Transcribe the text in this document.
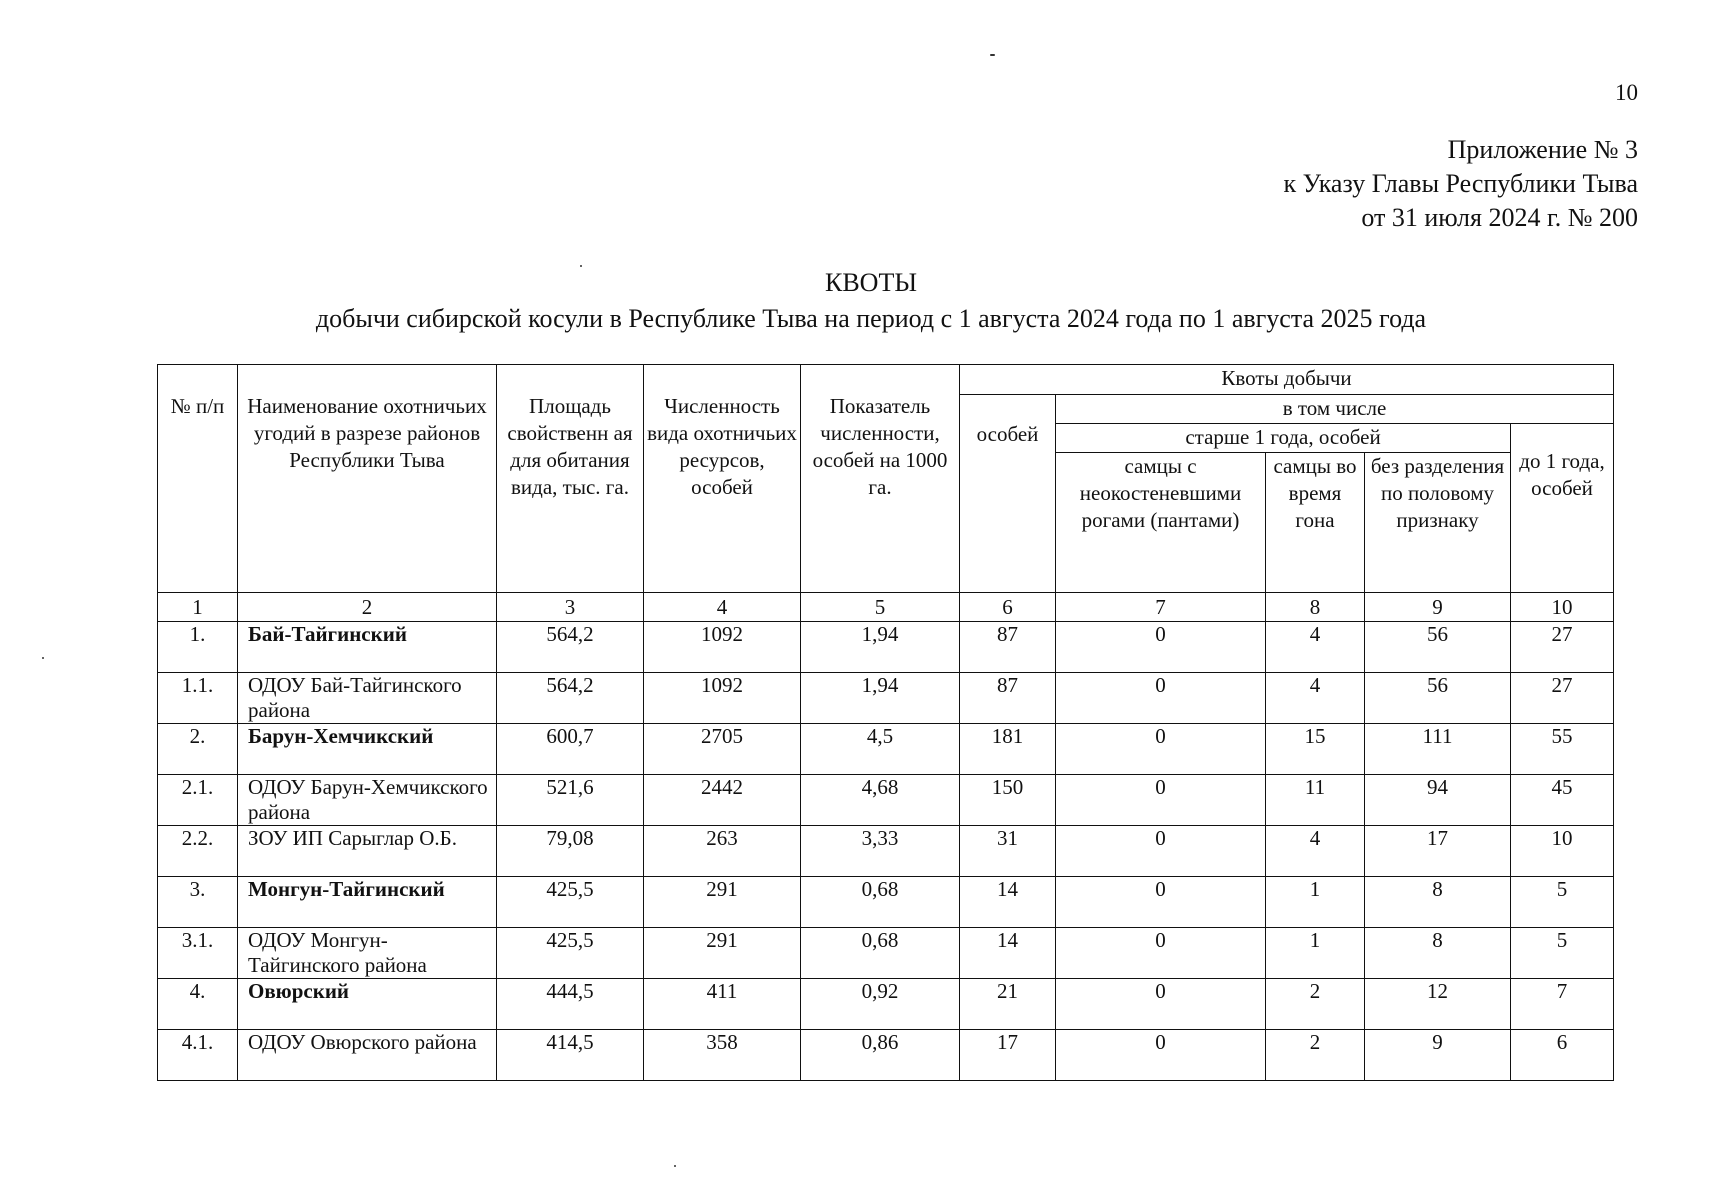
10
Приложение № 3
к Указу Главы Республики Тыва
от 31 июля 2024 г. № 200
КВОТЫ
добычи сибирской косули в Республике Тыва на период с 1 августа 2024 года по 1 августа 2025 года
№ п/п	Наименование охотничьих угодий в разрезе районов Республики Тыва	Площадь свойственн ая для обитания вида, тыс. га.	Численность вида охотничьих ресурсов, особей	Показатель численности, особей на 1000 га.	Квоты добычи				
					особей	в том числе			
						старше 1 года, особей			до 1 года, особей
						самцы с неокостеневшими рогами (пантами)	самцы во время гона	без разделения по половому признаку	
1	2	3	4	5	6	7	8	9	10
1.	Бай-Тайгинский	564,2	1092	1,94	87	0	4	56	27
1.1.	ОДОУ Бай-Тайгинского района	564,2	1092	1,94	87	0	4	56	27
2.	Барун-Хемчикский	600,7	2705	4,5	181	0	15	111	55
2.1.	ОДОУ Барун-Хемчикского района	521,6	2442	4,68	150	0	11	94	45
2.2.	ЗОУ ИП Сарыглар О.Б.	79,08	263	3,33	31	0	4	17	10
3.	Монгун-Тайгинский	425,5	291	0,68	14	0	1	8	5
3.1.	ОДОУ Монгун-Тайгинского района	425,5	291	0,68	14	0	1	8	5
4.	Овюрский	444,5	411	0,92	21	0	2	12	7
4.1.	ОДОУ Овюрского района	414,5	358	0,86	17	0	2	9	6
